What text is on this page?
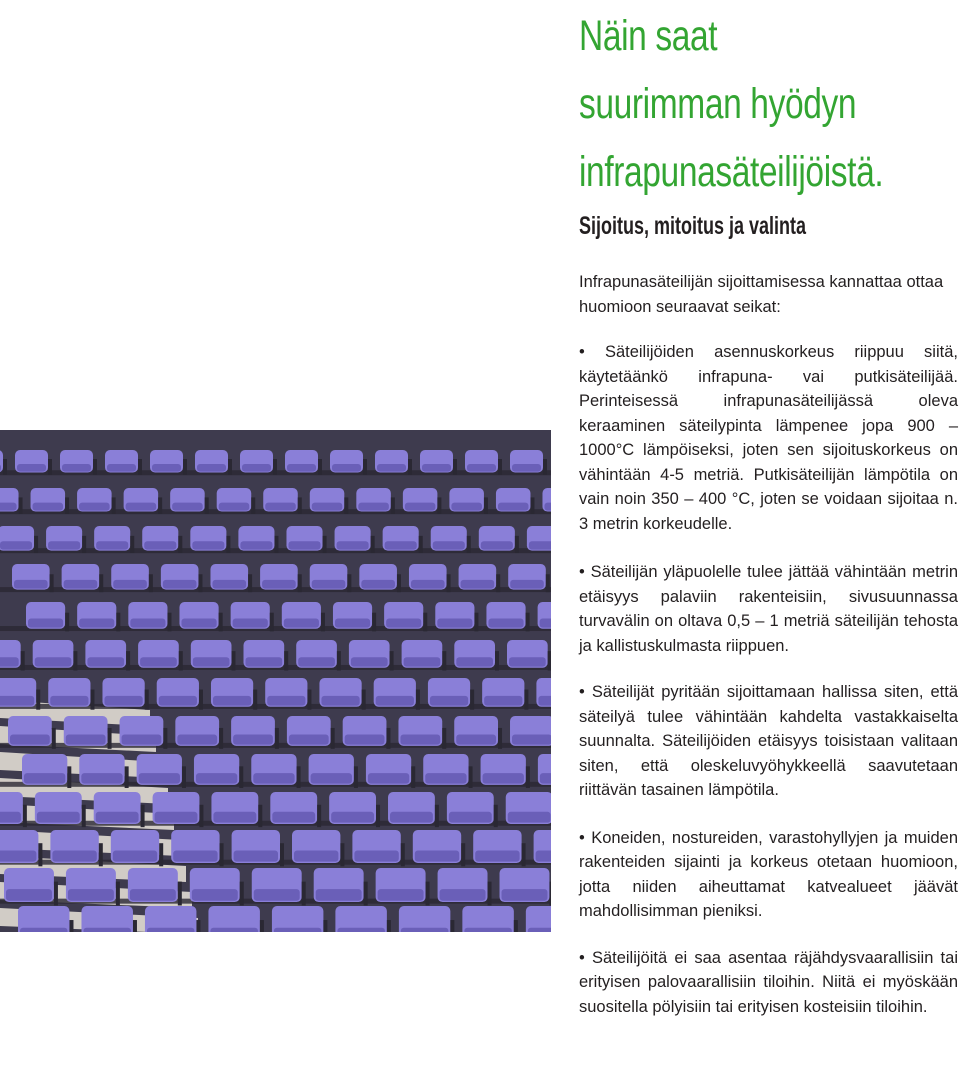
Näin saat
suurimman hyödyn
infrapunasäteilijöistä.
Sijoitus, mitoitus ja valinta

Infrapunasäteilijän sijoittamisessa kannattaa ottaa huomioon seuraavat seikat:

• Säteilijöiden asennuskorkeus riippuu siitä, käytetäänkö infrapuna- vai putkisäteilijää. Perinteisessä infrapunasäteilijässä oleva keraaminen säteilypinta lämpenee jopa 900 – 1000°C lämpöiseksi, joten sen sijoituskorkeus on vähintään 4-5 metriä. Putkisäteilijän lämpötila on vain noin 350 – 400 °C, joten se voidaan sijoitaa n. 3 metrin korkeudelle.
• Säteilijän yläpuolelle tulee jättää vähintään metrin etäisyys palaviin rakenteisiin, sivusuunnassa turvavälin on oltava 0,5 – 1 metriä säteilijän tehosta ja kallistuskulmasta riippuen.
• Säteilijät pyritään sijoittamaan hallissa siten, että säteilyä tulee vähintään kahdelta vastakkaiselta suunnalta. Säteilijöiden etäisyys toisistaan valitaan siten, että oleskeluvyöhykkeellä saavutetaan riittävän tasainen lämpötila.
• Koneiden, nostureiden, varastohyllyjen ja muiden rakenteiden sijainti ja korkeus otetaan huomioon, jotta niiden aiheuttamat katvealueet jäävät mahdollisimman pieniksi.
• Säteilijöitä ei saa asentaa räjähdysvaarallisiin tai erityisen palovaarallisiin tiloihin. Niitä ei myöskään suositella pölyisiin tai erityisen kosteisiin tiloihin.
